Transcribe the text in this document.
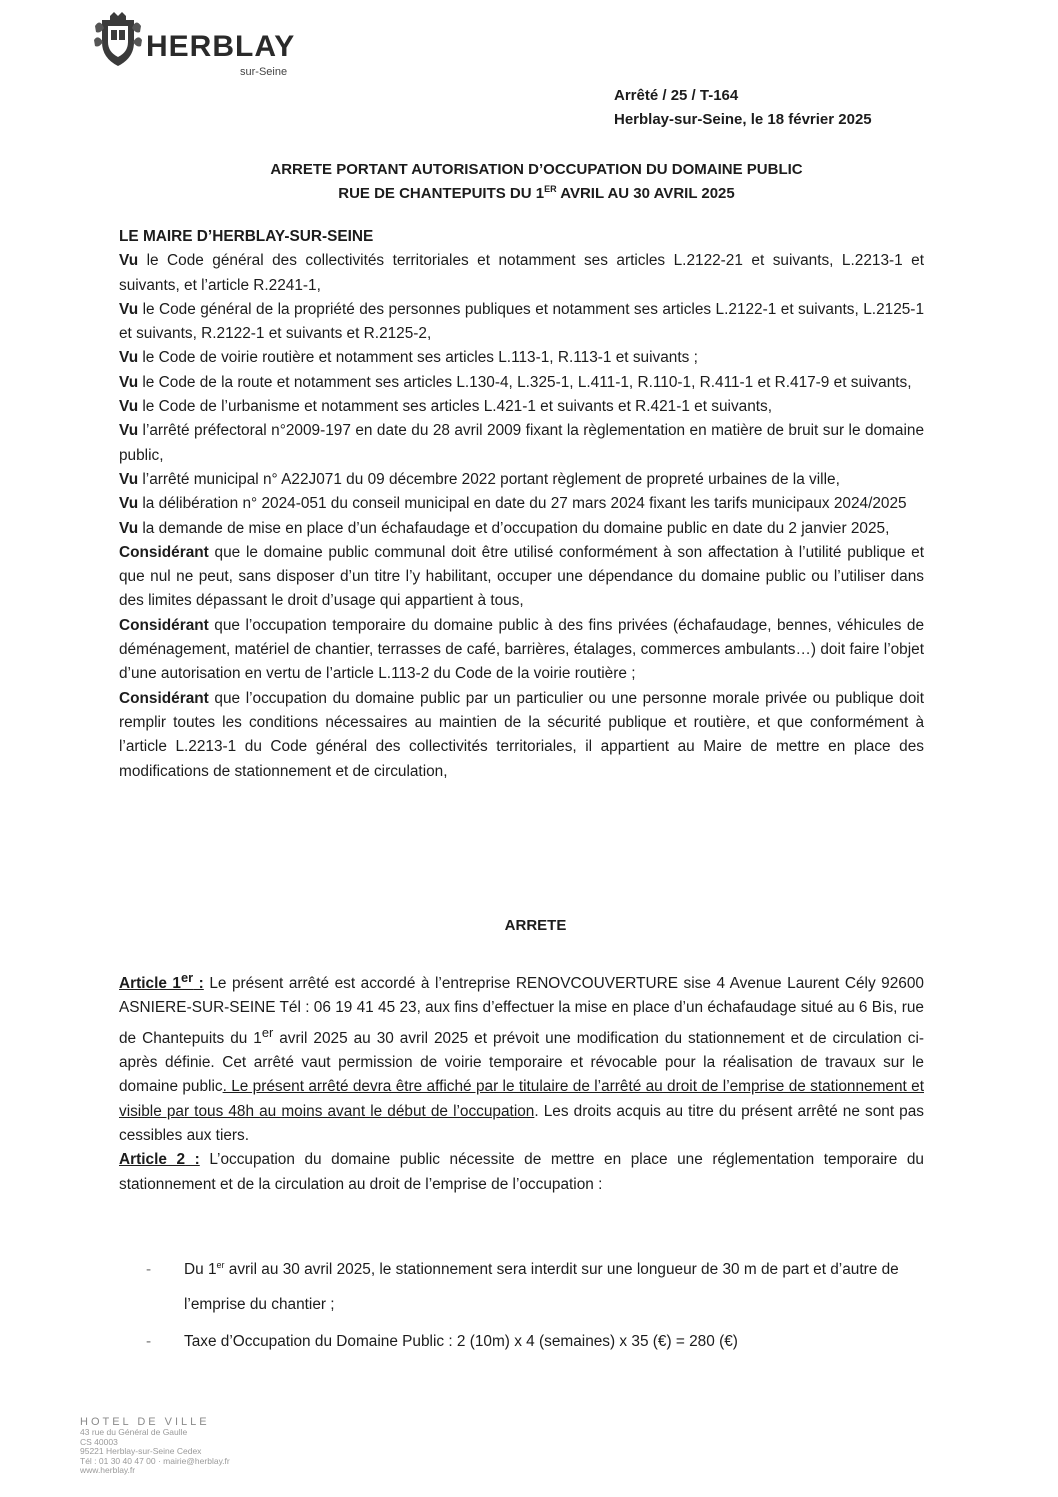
HERBLAY
sur-Seine
Arrêté / 25 / T-164
Herblay-sur-Seine, le 18 février 2025
ARRETE PORTANT AUTORISATION D’OCCUPATION DU DOMAINE PUBLIC
RUE DE CHANTEPUITS DU 1ER AVRIL AU 30 AVRIL 2025

LE MAIRE D’HERBLAY-SUR-SEINE

Vu le Code général des collectivités territoriales et notamment ses articles L.2122-21 et suivants, L.2213-1 et suivants, et l’article R.2241-1,

Vu le Code général de la propriété des personnes publiques et notamment ses articles L.2122-1 et suivants, L.2125-1 et suivants, R.2122-1 et suivants et R.2125-2,

Vu le Code de voirie routière et notamment ses articles L.113-1, R.113-1 et suivants ;

Vu le Code de la route et notamment ses articles L.130-4, L.325-1, L.411-1, R.110-1, R.411-1 et R.417-9 et suivants,

Vu le Code de l’urbanisme et notamment ses articles L.421-1 et suivants et R.421-1 et suivants,

Vu l’arrêté préfectoral n°2009-197 en date du 28 avril 2009 fixant la règlementation en matière de bruit sur le domaine public,

Vu l’arrêté municipal n° A22J071 du 09 décembre 2022 portant règlement de propreté urbaines de la ville,

Vu la délibération n° 2024-051 du conseil municipal en date du 27 mars 2024 fixant les tarifs municipaux 2024/2025

Vu la demande de mise en place d’un échafaudage et d’occupation du domaine public en date du 2 janvier 2025,

Considérant que le domaine public communal doit être utilisé conformément à son affectation à l’utilité publique et que nul ne peut, sans disposer d’un titre l’y habilitant, occuper une dépendance du domaine public ou l’utiliser dans des limites dépassant le droit d’usage qui appartient à tous,

Considérant que l’occupation temporaire du domaine public à des fins privées (échafaudage, bennes, véhicules de déménagement, matériel de chantier, terrasses de café, barrières, étalages, commerces ambulants…) doit faire l’objet d’une autorisation en vertu de l’article L.113-2 du Code de la voirie routière ;

Considérant que l’occupation du domaine public par un particulier ou une personne morale privée ou publique doit remplir toutes les conditions nécessaires au maintien de la sécurité publique et routière, et que conformément à l’article L.2213-1 du Code général des collectivités territoriales, il appartient au Maire de mettre en place des modifications de stationnement et de circulation,

ARRETE

Article 1er : Le présent arrêté est accordé à l’entreprise RENOVCOUVERTURE sise 4 Avenue Laurent Cély 92600 ASNIERE-SUR-SEINE Tél : 06 19 41 45 23, aux fins d’effectuer la mise en place d’un échafaudage situé au 6 Bis, rue de Chantepuits du 1er avril 2025 au 30 avril 2025 et prévoit une modification du stationnement et de circulation ci-après définie. Cet arrêté vaut permission de voirie temporaire et révocable pour la réalisation de travaux sur le domaine public. Le présent arrêté devra être affiché par le titulaire de l’arrêté au droit de l’emprise de stationnement et visible par tous 48h au moins avant le début de l’occupation. Les droits acquis au titre du présent arrêté ne sont pas cessibles aux tiers.

Article 2 : L’occupation du domaine public nécessite de mettre en place une réglementation temporaire du stationnement et de la circulation au droit de l’emprise de l’occupation :

- Du 1er avril au 30 avril 2025, le stationnement sera interdit sur une longueur de 30 m de part et d’autre de l’emprise du chantier ;

- Taxe d’Occupation du Domaine Public : 2 (10m) x 4 (semaines) x 35 (€) = 280 (€)

HOTEL DE VILLE
43 rue du Général de Gaulle
CS 40003
95221 Herblay-sur-Seine Cedex
Tél : 01 30 40 47 00 · mairie@herblay.fr
www.herblay.fr
